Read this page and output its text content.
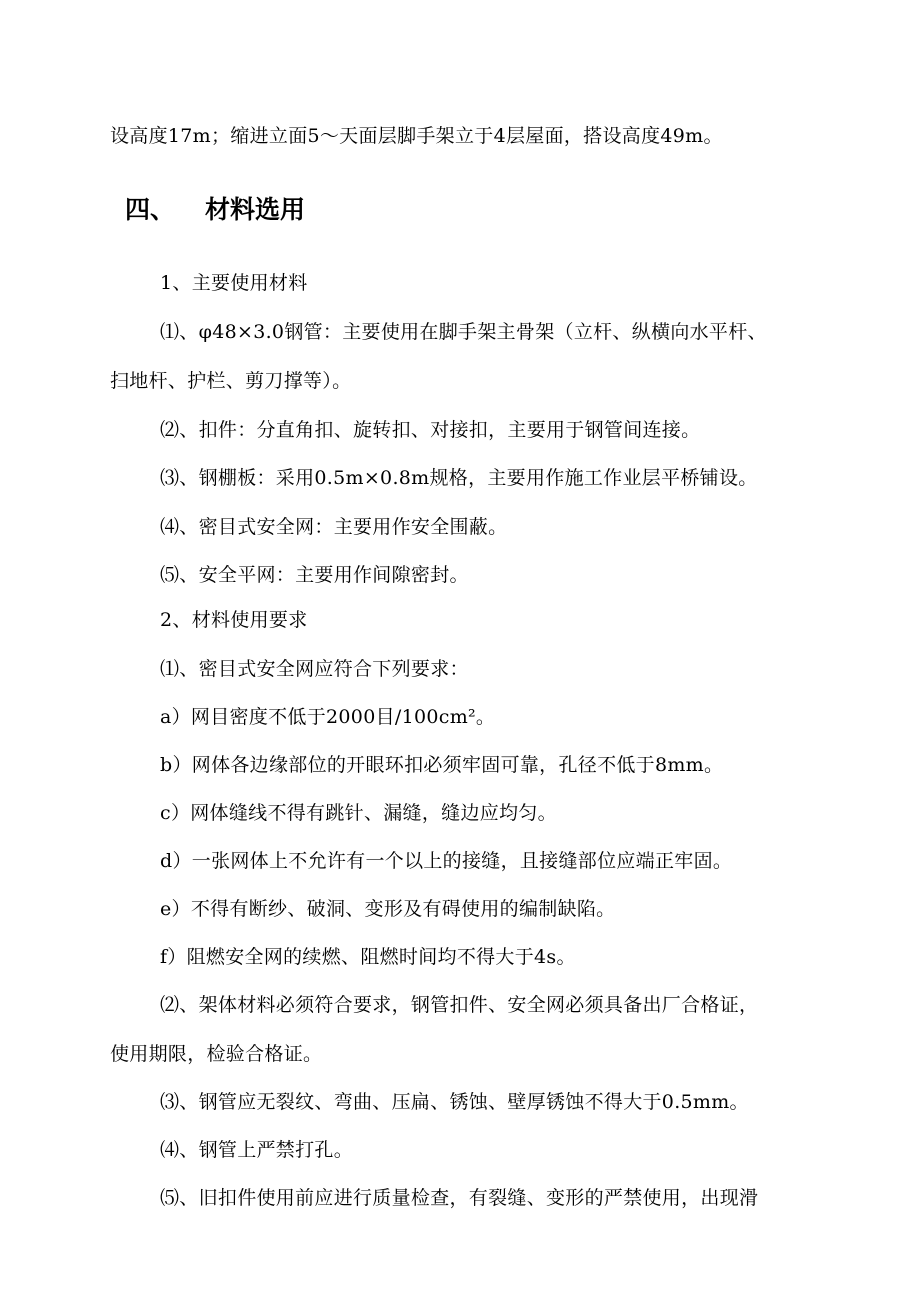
设高度17m；缩进立面5～天面层脚手架立于4层屋面，搭设高度49m。
四、 材料选用
1、主要使用材料
⑴、φ48×3.0钢管：主要使用在脚手架主骨架（立杆、纵横向水平杆、
扫地杆、护栏、剪刀撑等）。
⑵、扣件：分直角扣、旋转扣、对接扣，主要用于钢管间连接。
⑶、钢棚板：采用0.5m×0.8m规格，主要用作施工作业层平桥铺设。
⑷、密目式安全网：主要用作安全围蔽。
⑸、安全平网：主要用作间隙密封。
2、材料使用要求
⑴、密目式安全网应符合下列要求：
a）网目密度不低于2000目/100cm²。
b）网体各边缘部位的开眼环扣必须牢固可靠，孔径不低于8mm。
c）网体缝线不得有跳针、漏缝，缝边应均匀。
d）一张网体上不允许有一个以上的接缝，且接缝部位应端正牢固。
e）不得有断纱、破洞、变形及有碍使用的编制缺陷。
f）阻燃安全网的续燃、阻燃时间均不得大于4s。
⑵、架体材料必须符合要求，钢管扣件、安全网必须具备出厂合格证，
使用期限，检验合格证。
⑶、钢管应无裂纹、弯曲、压扁、锈蚀、壁厚锈蚀不得大于0.5mm。
⑷、钢管上严禁打孔。
⑸、旧扣件使用前应进行质量检查，有裂缝、变形的严禁使用，出现滑
